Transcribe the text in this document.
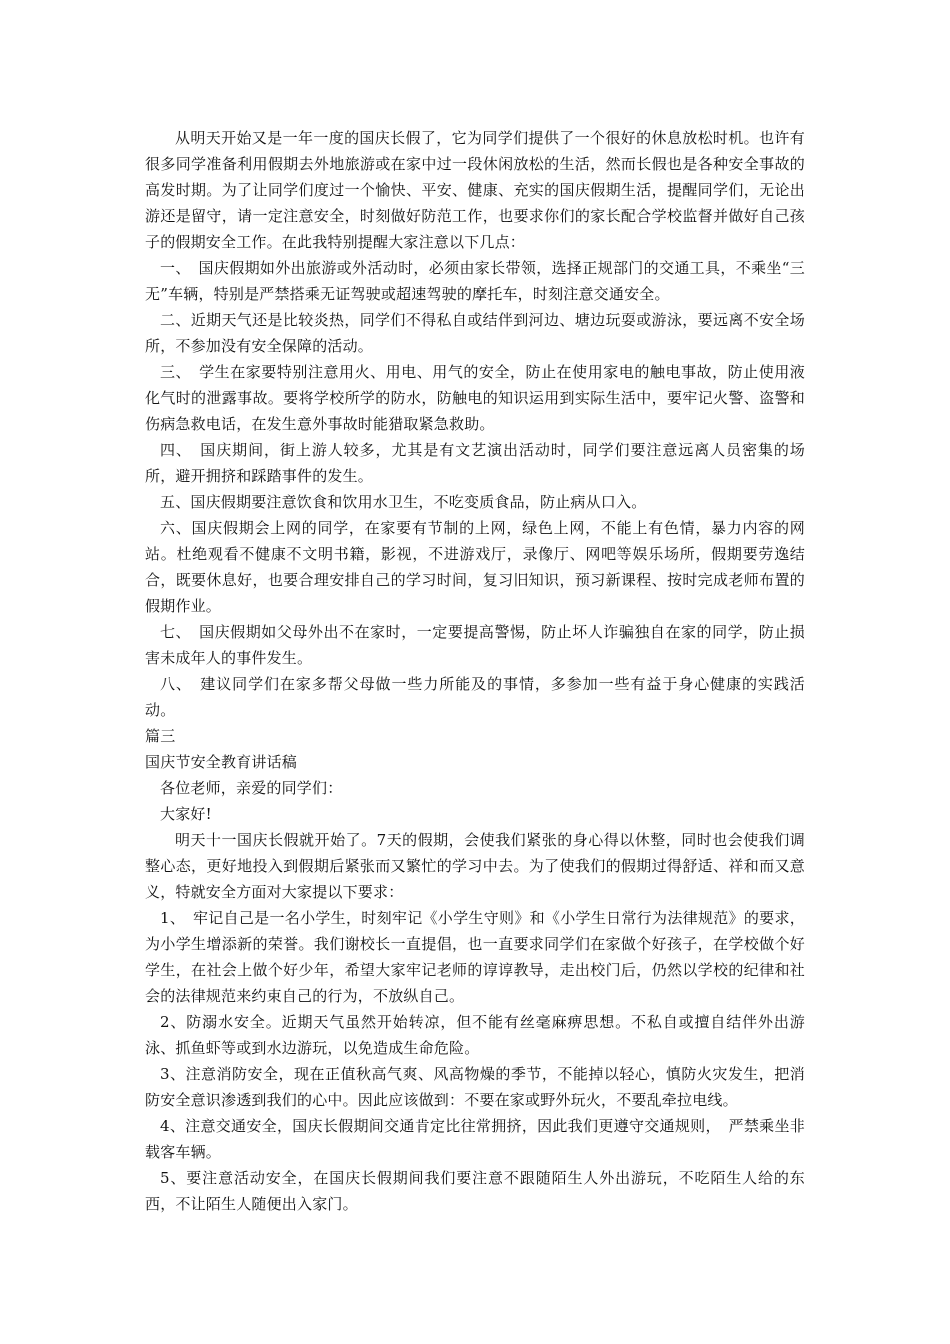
从明天开始又是一年一度的国庆长假了，它为同学们提供了一个很好的休息放松时机。也许有很多同学准备利用假期去外地旅游或在家中过一段休闲放松的生活，然而长假也是各种安全事故的高发时期。为了让同学们度过一个愉快、平安、健康、充实的国庆假期生活，提醒同学们，无论出游还是留守，请一定注意安全，时刻做好防范工作，也要求你们的家长配合学校监督并做好自己孩子的假期安全工作。在此我特别提醒大家注意以下几点：

一、　国庆假期如外出旅游或外活动时，必须由家长带领，选择正规部门的交通工具，不乘坐“三无”车辆，特别是严禁搭乘无证驾驶或超速驾驶的摩托车，时刻注意交通安全。

二、近期天气还是比较炎热，同学们不得私自或结伴到河边、塘边玩耍或游泳，要远离不安全场所，不参加没有安全保障的活动。

三、　学生在家要特别注意用火、用电、用气的安全，防止在使用家电的触电事故，防止使用液化气时的泄露事故。要将学校所学的防水，防触电的知识运用到实际生活中，要牢记火警、盗警和伤病急救电话，在发生意外事故时能猎取紧急救助。

四、　国庆期间，街上游人较多，尤其是有文艺演出活动时，同学们要注意远离人员密集的场所，避开拥挤和踩踏事件的发生。

五、国庆假期要注意饮食和饮用水卫生，不吃变质食品，防止病从口入。

六、国庆假期会上网的同学，在家要有节制的上网，绿色上网，不能上有色情，暴力内容的网站。杜绝观看不健康不文明书籍，影视，不进游戏厅，录像厅、网吧等娱乐场所，假期要劳逸结合，既要休息好，也要合理安排自己的学习时间，复习旧知识，预习新课程、按时完成老师布置的假期作业。

七、　国庆假期如父母外出不在家时，一定要提高警惕，防止坏人诈骗独自在家的同学，防止损害未成年人的事件发生。

八、　建议同学们在家多帮父母做一些力所能及的事情，多参加一些有益于身心健康的实践活动。

篇三

国庆节安全教育讲话稿

各位老师，亲爱的同学们：

大家好!

明天十一国庆长假就开始了。7天的假期，会使我们紧张的身心得以休整，同时也会使我们调整心态，更好地投入到假期后紧张而又繁忙的学习中去。为了使我们的假期过得舒适、祥和而又意义，特就安全方面对大家提以下要求：

1、　牢记自己是一名小学生，时刻牢记《小学生守则》和《小学生日常行为法律规范》的要求，为小学生增添新的荣誉。我们谢校长一直提倡，也一直要求同学们在家做个好孩子，在学校做个好学生，在社会上做个好少年，希望大家牢记老师的谆谆教导，走出校门后，仍然以学校的纪律和社会的法律规范来约束自己的行为，不放纵自己。

2、防溺水安全。近期天气虽然开始转凉，但不能有丝毫麻痹思想。不私自或擅自结伴外出游泳、抓鱼虾等或到水边游玩，以免造成生命危险。

3、注意消防安全，现在正值秋高气爽、风高物燥的季节，不能掉以轻心，慎防火灾发生，把消防安全意识渗透到我们的心中。因此应该做到：不要在家或野外玩火，不要乱牵拉电线。

4、注意交通安全，国庆长假期间交通肯定比往常拥挤，因此我们更遵守交通规则，　严禁乘坐非载客车辆。

5、要注意活动安全，在国庆长假期间我们要注意不跟随陌生人外出游玩，不吃陌生人给的东西，不让陌生人随便出入家门。
